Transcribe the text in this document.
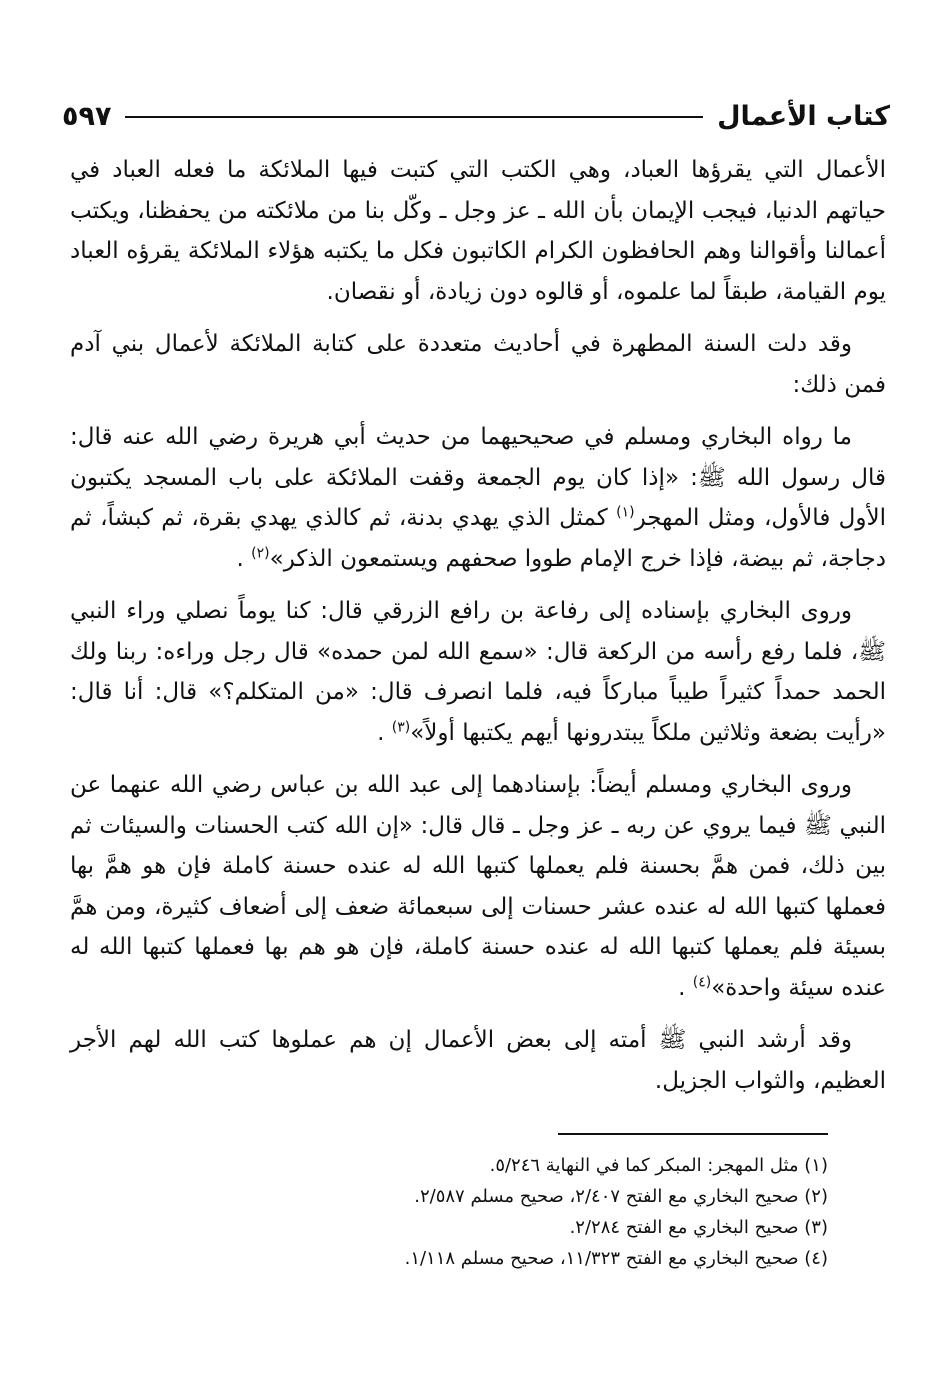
كتاب الأعمال
٥٩٧

الأعمال التي يقرؤها العباد، وهي الكتب التي كتبت فيها الملائكة ما فعله العباد في حياتهم الدنيا، فيجب الإيمان بأن الله ـ عز وجل ـ وكّل بنا من ملائكته من يحفظنا، ويكتب أعمالنا وأقوالنا وهم الحافظون الكرام الكاتبون فكل ما يكتبه هؤلاء الملائكة يقرؤه العباد يوم القيامة، طبقاً لما علموه، أو قالوه دون زيادة، أو نقصان.

وقد دلت السنة المطهرة في أحاديث متعددة على كتابة الملائكة لأعمال بني آدم فمن ذلك:

ما رواه البخاري ومسلم في صحيحيهما من حديث أبي هريرة رضي الله عنه قال: قال رسول الله ﷺ: «إذا كان يوم الجمعة وقفت الملائكة على باب المسجد يكتبون الأول فالأول، ومثل المهجر$^{(١)}$ كمثل الذي يهدي بدنة، ثم كالذي يهدي بقرة، ثم كبشاً، ثم دجاجة، ثم بيضة، فإذا خرج الإمام طووا صحفهم ويستمعون الذكر»$^{(٢)}$ .

وروى البخاري بإسناده إلى رفاعة بن رافع الزرقي قال: كنا يوماً نصلي وراء النبي ﷺ، فلما رفع رأسه من الركعة قال: «سمع الله لمن حمده» قال رجل وراءه: ربنا ولك الحمد حمداً كثيراً طيباً مباركاً فيه، فلما انصرف قال: «من المتكلم؟» قال: أنا قال: «رأيت بضعة وثلاثين ملكاً يبتدرونها أيهم يكتبها أولاً»$^{(٣)}$ .

وروى البخاري ومسلم أيضاً: بإسنادهما إلى عبد الله بن عباس رضي الله عنهما عن النبي ﷺ فيما يروي عن ربه ـ عز وجل ـ قال قال: «إن الله كتب الحسنات والسيئات ثم بين ذلك، فمن همَّ بحسنة فلم يعملها كتبها الله له عنده حسنة كاملة فإن هو همَّ بها فعملها كتبها الله له عنده عشر حسنات إلى سبعمائة ضعف إلى أضعاف كثيرة، ومن همَّ بسيئة فلم يعملها كتبها الله له عنده حسنة كاملة، فإن هو هم بها فعملها كتبها الله له عنده سيئة واحدة»$^{(٤)}$ .

وقد أرشد النبي ﷺ أمته إلى بعض الأعمال إن هم عملوها كتب الله لهم الأجر العظيم، والثواب الجزيل.

(١) مثل المهجر: المبكر كما في النهاية ٥/٢٤٦.
(٢) صحيح البخاري مع الفتح ٢/٤٠٧، صحيح مسلم ٢/٥٨٧.
(٣) صحيح البخاري مع الفتح ٢/٢٨٤.
(٤) صحيح البخاري مع الفتح ١١/٣٢٣، صحيح مسلم ١/١١٨.
